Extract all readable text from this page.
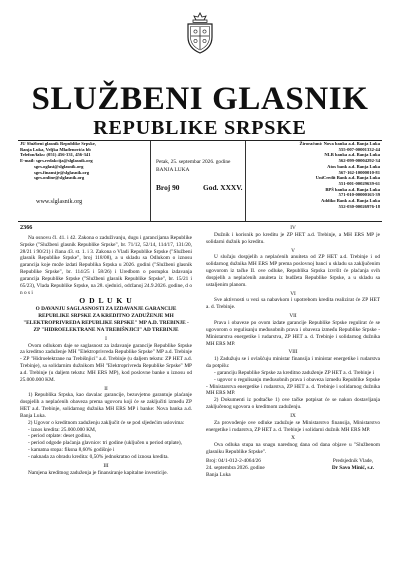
SLUŽBENI GLASNIK
REPUBLIKE SRPSKE
JU Službeni glasnik Republike Srpske,
Banja Luka, Veljka Mlađenovića bb
Telefon/faks: (051) 456-331, 456-341
E-mail: sgrs.redakcija@slglasnik.org
sgrs.oglasi@slglasnik.org
sgrs.finansije@slglasnik.org
sgrs.online@slglasnik.org
www.slglasnik.org
Petak, 25. septembar 2026. godine
BANJA LUKA
Broj 90	God. XXXV.
Žiroračuni: Nova banka a.d. Banja Luka
555-007-00001332-44
NLB banka a.d. Banja Luka
562-099-00004292-34
Atos bank a.d. Banja Luka
567-162-10000010-81
UniCredit Bank a.d. Banja Luka
551-001-00029639-61
BPŠ banka a.d. Banja Luka
571-010-00000163-39
Addiko Bank a.d. Banja Luka
552-030-00026976-18
2366

Na osnovu čl. 41. i 42. Zakona o zaduživanju, dugu i garancijama Republike Srpske ("Službeni glasnik Republike Srpske", br. 71/12, 52/14, 114/17, 131/20, 28/21 i 90/21) i člana 43. st. 1. i 3. Zakona o Vladi Republike Srpske ("Službeni glasnik Republike Srpske", broj 118/08), a u skladu sa Odlukom o iznosu garancija koje može izdati Republika Srpska u 2026. godini ("Službeni glasnik Republike Srpske", br. 114/25 i 58/26) i Uredbom o postupku izdavanja garancija Republike Srpske ("Službeni glasnik Republike Srpske", br. 15/21 i 65/23), Vlada Republike Srpske, na 28. sjednici, održanoj 24.9.2026. godine, d o n o s i

O D L U K U
O DAVANJU SAGLASNOSTI ZA IZDAVANJE GARANCIJE REPUBLIKE SRPSKE ZA KREDITNO ZADUŽENJE MH "ELEKTROPRIVREDA REPUBLIKE SRPSKE" MP A.D. TREBINJE - ZP "HIDROELEKTRANE NA TREBIŠNJICI" AD TREBINJE
I

Ovom odlukom daje se saglasnost za izdavanje garancije Republike Srpske za kreditno zaduženje MH "Elektroprivreda Republike Srpske" MP a.d. Trebinje - ZP "Hidroelektrane na Trebišnjici" a.d. Trebinje (u daljem tekstu: ZP HET a.d. Trebinje), sa solidarnim dužnikom MH "Elektroprivreda Republike Srpske" MP a.d. Trebinje (u daljem tekstu: MH ERS MP), kod poslovne banke u iznosu od 25.000.000 KM.

II

1) Republika Srpska, kao davalac garancije, bezuvjetno garantuje plaćanje dospjelih a neplaćenih obaveza prema ugovoru koji će se zaključiti između ZP HET a.d. Trebinje, solidarnog dužnika MH ERS MP i banke: Nova banka a.d. Banja Luka.

2) Ugovor o kreditnom zaduženju zaključit će se pod sljedećim uslovima:

- iznos kredita: 25.000.000 KM,

- period otplate: deset godina,

- period odgode plaćanja glavnice: tri godine (uključen u period otplate),

- kamatna stopa: fiksna 8,60% godišnje i

- naknada za obradu kredita: 0,50% jednokratno od iznosa kredita.

III

Namjena kreditnog zaduženja je finansiranje kapitalne investicije.

IV

Dužnik i korisnik po kreditu je ZP HET a.d. Trebinje, a MH ERS MP je solidarni dužnik po kreditu.

V

U slučaju dospjelih a neplaćenih anuiteta od ZP HET a.d. Trebinje i od solidarnog dužnika MH ERS MP prema poslovnoj banci u skladu sa zaključenim ugovorom iz tačke II. ove odluke, Republika Srpska izvršit će plaćanja svih dospjelih a neplaćenih anuiteta iz budžeta Republike Srpske, a u skladu sa ustaljenim planom.

VI

Sve aktivnosti u vezi sa nabavkom i upotrebom kredita realizirat će ZP HET a. d. Trebinje.

VII

Prava i obaveze po ovom izdate garancije Republike Srpske regulirat će se ugovorom o regulisanju međusobnih prava i obaveza između Republike Srpske - Ministarstva energetike i rudarstva, ZP HET a. d. Trebinje i solidarnog dužnika MH ERS MP.

VIII

1) Zadužuju se i ovlašćuju ministar finansija i ministar energetike i rudarstva da potpišu:

- garanciju Republike Srpske za kreditno zaduženje ZP HET a. d. Trebinje i

- ugovor o regulisanju međusobnih prava i obaveza između Republike Srpske - Ministarstva energetike i rudarstva, ZP HET a. d. Trebinje i solidarnog dužnika MH ERS MP.

2) Dokumenti iz podtačke 1) ove tačke potpisat će se nakon dostavljanja zaključenog ugovora o kreditnom zaduženju.

IX

Za provođenje ove odluke zadužuje se Ministarstvo finansija, Ministarstvo energetike i rudarstva, ZP HET a. d. Trebinje i solidarni dužnik MH ERS MP.

X

Ova odluka stupa na snagu narednog dana od dana objave u "Službenom glasniku Republike Srpske".

Broj: 04/1-012-2-4064/26
24. septembra 2026. godine
Banja Luka
Predsjednik Vlade,
Dr Savo Minić, s.r.
